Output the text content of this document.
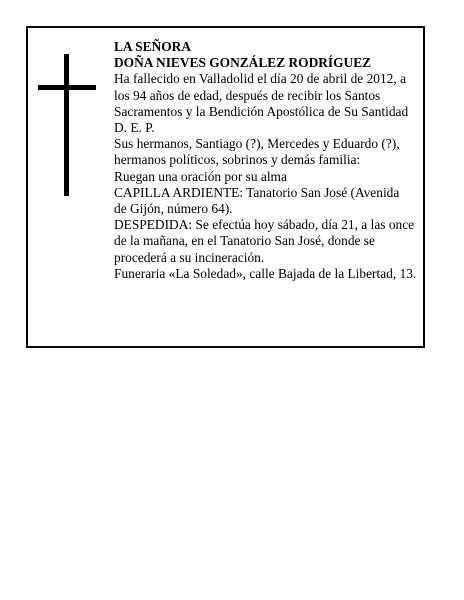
LA SEÑORA
DOÑA NIEVES GONZÁLEZ RODRÍGUEZ
Ha fallecido en Valladolid el día 20 de abril de 2012, a
los 94 años de edad, después de recibir los Santos
Sacramentos y la Bendición Apostólica de Su Santidad
D. E. P.
Sus hermanos, Santiago (?), Mercedes y Eduardo (?),
hermanos políticos, sobrinos y demás familia:
Ruegan una oración por su alma
CAPILLA ARDIENTE: Tanatorio San José (Avenida
de Gijón, número 64).
DESPEDIDA: Se efectúa hoy sábado, día 21, a las once
de la mañana, en el Tanatorio San José, donde se
procederá a su incineración.
Funeraria «La Soledad», calle Bajada de la Libertad, 13.
